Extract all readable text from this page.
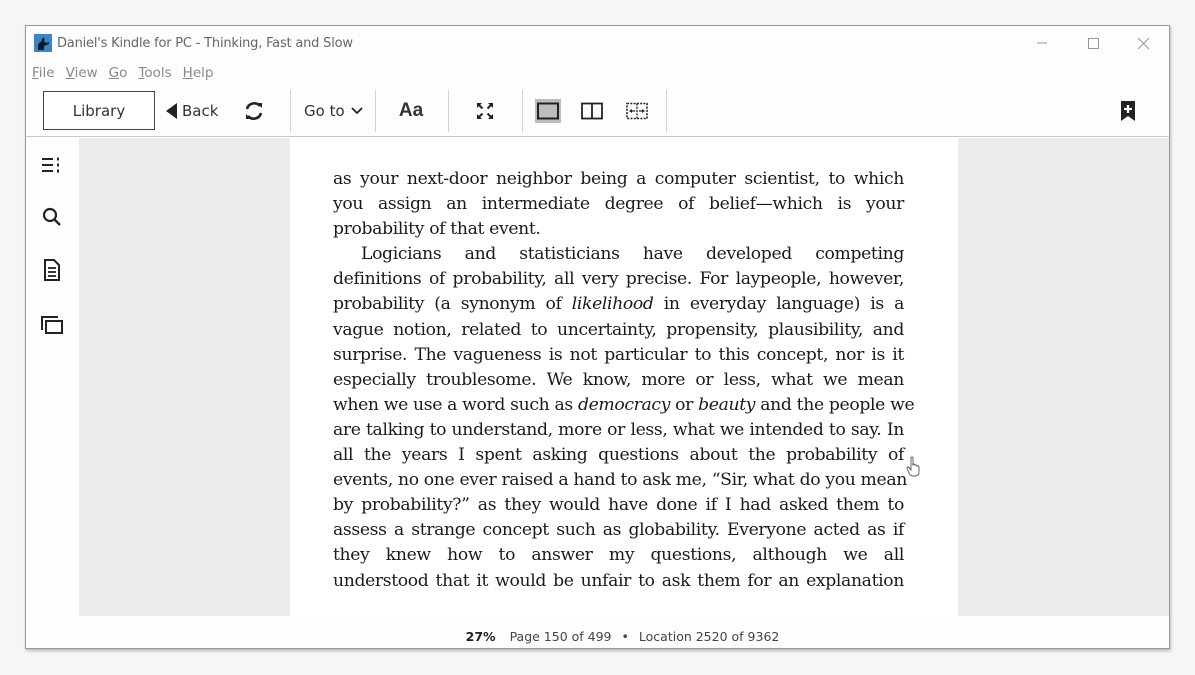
Daniel's Kindle for PC - Thinking, Fast and Slow
File View Go Tools Help
Library	Back	Go to	Aa
as your next-door neighbor being a computer scientist, to which
you assign an intermediate degree of belief—which is your
probability of that event.
Logicians and statisticians have developed competing
definitions of probability, all very precise. For laypeople, however,
probability (a synonym of likelihood in everyday language) is a
vague notion, related to uncertainty, propensity, plausibility, and
surprise. The vagueness is not particular to this concept, nor is it
especially troublesome. We know, more or less, what we mean
when we use a word such as democracy or beauty and the people we
are talking to understand, more or less, what we intended to say. In
all the years I spent asking questions about the probability of
events, no one ever raised a hand to ask me, “Sir, what do you mean
by probability?” as they would have done if I had asked them to
assess a strange concept such as globability. Everyone acted as if
they knew how to answer my questions, although we all
understood that it would be unfair to ask them for an explanation
27% Page 150 of 499 • Location 2520 of 9362
